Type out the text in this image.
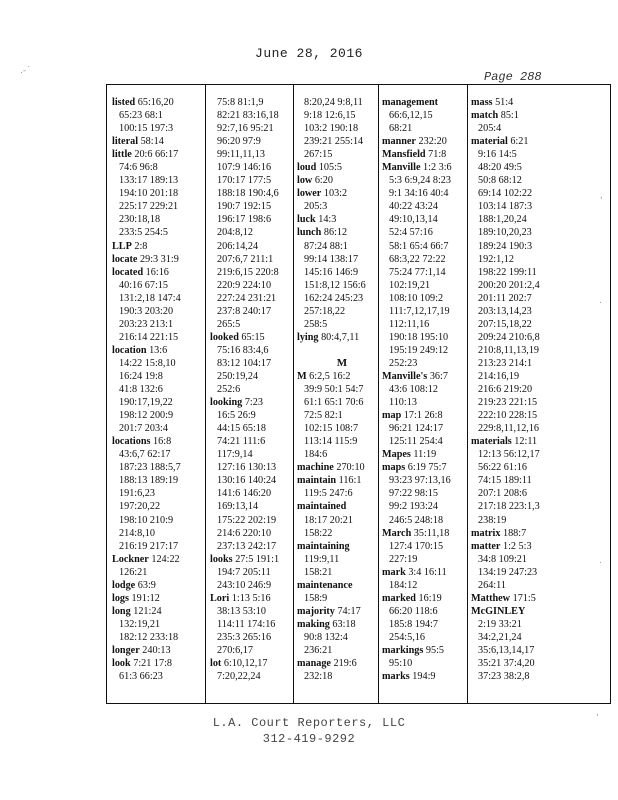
June 28, 2016
Page 288
.‐˙
'
.
.
,
listed 65:16,20
65:23 68:1
100:15 197:3
literal 58:14
little 20:6 66:17
74:6 96:8
133:17 189:13
194:10 201:18
225:17 229:21
230:18,18
233:5 254:5
LLP 2:8
locate 29:3 31:9
located 16:16
40:16 67:15
131:2,18 147:4
190:3 203:20
203:23 213:1
216:14 221:15
location 13:6
14:22 15:8,10
16:24 19:8
41:8 132:6
190:17,19,22
198:12 200:9
201:7 203:4
locations 16:8
43:6,7 62:17
187:23 188:5,7
188:13 189:19
191:6,23
197:20,22
198:10 210:9
214:8,10
216:19 217:17
Lockner 124:22
126:21
lodge 63:9
logs 191:12
long 121:24
132:19,21
182:12 233:18
longer 240:13
look 7:21 17:8
61:3 66:23
75:8 81:1,9
82:21 83:16,18
92:7,16 95:21
96:20 97:9
99:11,11,13
107:9 146:16
170:17 177:5
188:18 190:4,6
190:7 192:15
196:17 198:6
204:8,12
206:14,24
207:6,7 211:1
219:6,15 220:8
220:9 224:10
227:24 231:21
237:8 240:17
265:5
looked 65:15
75:16 83:4,6
83:12 104:17
250:19,24
252:6
looking 7:23
16:5 26:9
44:15 65:18
74:21 111:6
117:9,14
127:16 130:13
130:16 140:24
141:6 146:20
169:13,14
175:22 202:19
214:6 220:10
237:13 242:17
looks 27:5 191:1
194:7 205:11
243:10 246:9
Lori 1:13 5:16
38:13 53:10
114:11 174:16
235:3 265:16
270:6,17
lot 6:10,12,17
7:20,22,24
8:20,24 9:8,11
9:18 12:6,15
103:2 190:18
239:21 255:14
267:15
loud 105:5
low 6:20
lower 103:2
205:3
luck 14:3
lunch 86:12
87:24 88:1
99:14 138:17
145:16 146:9
151:8,12 156:6
162:24 245:23
257:18,22
258:5
lying 80:4,7,11
M
M 6:2,5 16:2
39:9 50:1 54:7
61:1 65:1 70:6
72:5 82:1
102:15 108:7
113:14 115:9
184:6
machine 270:10
maintain 116:1
119:5 247:6
maintained
18:17 20:21
158:22
maintaining
119:9,11
158:21
maintenance
158:9
majority 74:17
making 63:18
90:8 132:4
236:21
manage 219:6
232:18
management
66:6,12,15
68:21
manner 232:20
Mansfield 71:8
Manville 1:2 3:6
5:3 6:9,24 8:23
9:1 34:16 40:4
40:22 43:24
49:10,13,14
52:4 57:16
58:1 65:4 66:7
68:3,22 72:22
75:24 77:1,14
102:19,21
108:10 109:2
111:7,12,17,19
112:11,16
190:18 195:10
195:19 249:12
252:23
Manville's 36:7
43:6 108:12
110:13
map 17:1 26:8
96:21 124:17
125:11 254:4
Mapes 11:19
maps 6:19 75:7
93:23 97:13,16
97:22 98:15
99:2 193:24
246:5 248:18
March 35:11,18
127:4 170:15
227:19
mark 3:4 16:11
184:12
marked 16:19
66:20 118:6
185:8 194:7
254:5,16
markings 95:5
95:10
marks 194:9
mass 51:4
match 85:1
205:4
material 6:21
9:16 14:5
48:20 49:5
50:8 68:12
69:14 102:22
103:14 187:3
188:1,20,24
189:10,20,23
189:24 190:3
192:1,12
198:22 199:11
200:20 201:2,4
201:11 202:7
203:13,14,23
207:15,18,22
209:24 210:6,8
210:8,11,13,19
213:23 214:1
214:16,19
216:6 219:20
219:23 221:15
222:10 228:15
229:8,11,12,16
materials 12:11
12:13 56:12,17
56:22 61:16
74:15 189:11
207:1 208:6
217:18 223:1,3
238:19
matrix 188:7
matter 1:2 5:3
34:8 109:21
134:19 247:23
264:11
Matthew 171:5
McGINLEY
2:19 33:21
34:2,21,24
35:6,13,14,17
35:21 37:4,20
37:23 38:2,8
L.A. Court Reporters, LLC
312-419-9292
